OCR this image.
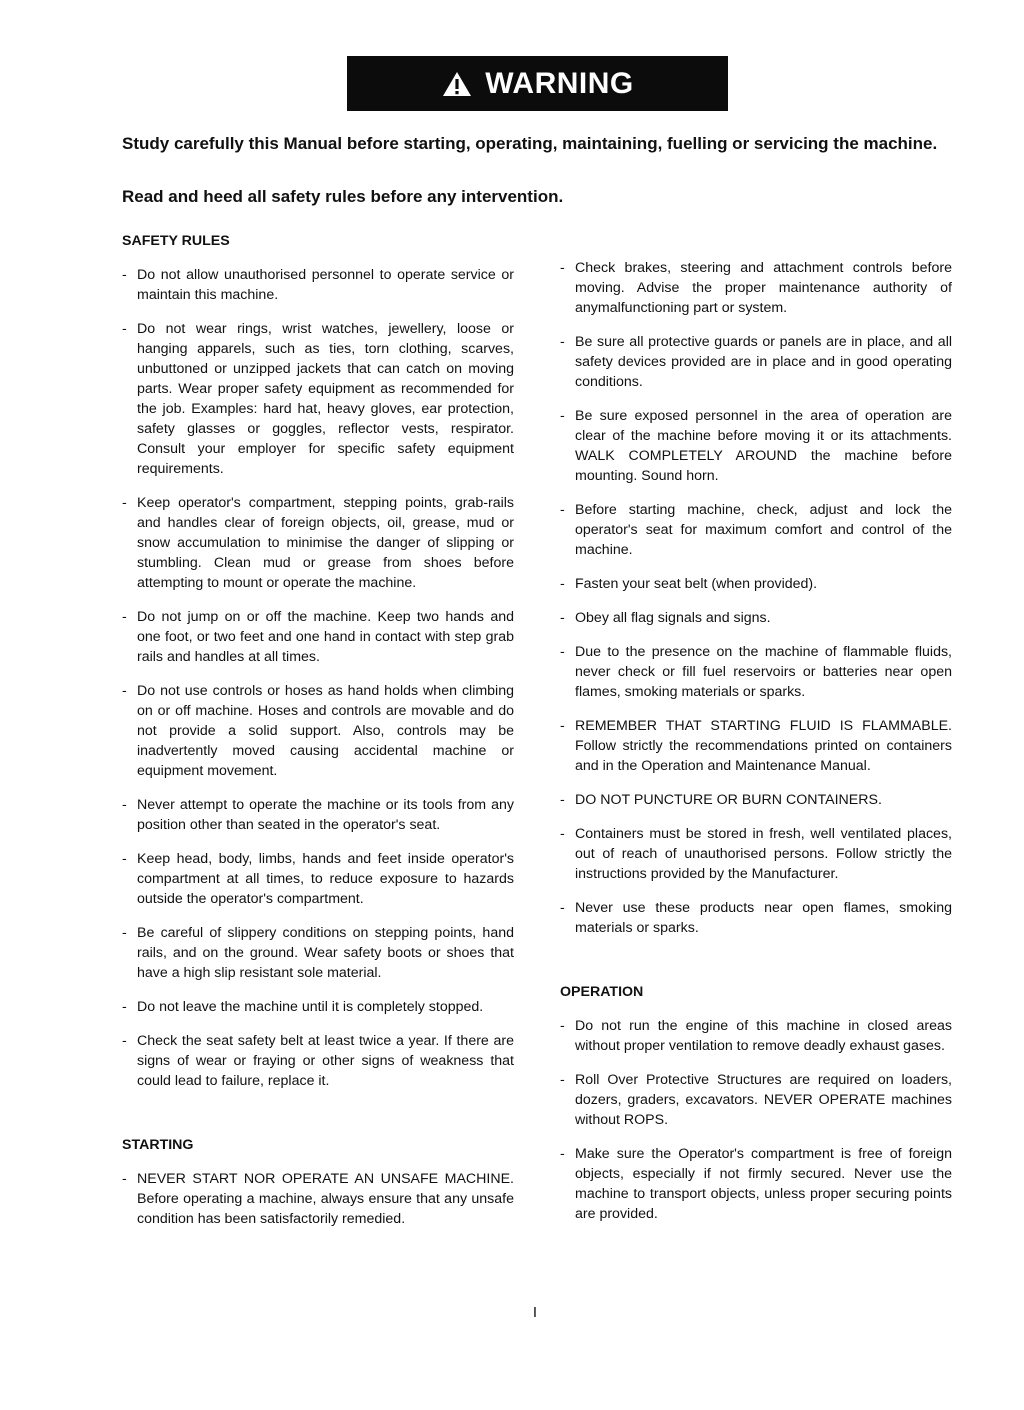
WARNING
Study carefully this Manual before starting, operating, maintaining, fuelling or servicing the machine.
Read and heed all safety rules before any intervention.
SAFETY RULES
- Do not allow unauthorised personnel to operate service or maintain this machine.
- Do not wear rings, wrist watches, jewellery, loose or hanging apparels, such as ties, torn clothing, scarves, unbuttoned or unzipped jackets that can catch on moving parts. Wear proper safety equipment as recommended for the job. Examples: hard hat, heavy gloves, ear protection, safety glasses or goggles, reflector vests, respirator. Consult your employer for specific safety equipment requirements.
- Keep operator's compartment, stepping points, grab-rails and handles clear of foreign objects, oil, grease, mud or snow accumulation to minimise the danger of slipping or stumbling. Clean mud or grease from shoes before attempting to mount or operate the machine.
- Do not jump on or off the machine. Keep two hands and one foot, or two feet and one hand in contact with step grab rails and handles at all times.
- Do not use controls or hoses as hand holds when climbing on or off machine. Hoses and controls are movable and do not provide a solid support. Also, controls may be inadvertently moved causing accidental machine or equipment movement.
- Never attempt to operate the machine or its tools from any position other than seated in the operator's seat.
- Keep head, body, limbs, hands and feet inside operator's compartment at all times, to reduce exposure to hazards outside the operator's compartment.
- Be careful of slippery conditions on stepping points, hand rails, and on the ground. Wear safety boots or shoes that have a high slip resistant sole material.
- Do not leave the machine until it is completely stopped.
- Check the seat safety belt at least twice a year. If there are signs of wear or fraying or other signs of weakness that could lead to failure, replace it.
STARTING
- NEVER START NOR OPERATE AN UNSAFE MACHINE. Before operating a machine, always ensure that any unsafe condition has been satisfactorily remedied.
- Check brakes, steering and attachment controls before moving. Advise the proper maintenance authority of anymalfunctioning part or system.
- Be sure all protective guards or panels are in place, and all safety devices provided are in place and in good operating conditions.
- Be sure exposed personnel in the area of operation are clear of the machine before moving it or its attachments. WALK COMPLETELY AROUND the machine before mounting. Sound horn.
- Before starting machine, check, adjust and lock the operator's seat for maximum comfort and control of the machine.
- Fasten your seat belt (when provided).
- Obey all flag signals and signs.
- Due to the presence on the machine of flammable fluids, never check or fill fuel reservoirs or batteries near open flames, smoking materials or sparks.
- REMEMBER THAT STARTING FLUID IS FLAMMABLE. Follow strictly the recommendations printed on containers and in the Operation and Maintenance Manual.
- DO NOT PUNCTURE OR BURN CONTAINERS.
- Containers must be stored in fresh, well ventilated places, out of reach of unauthorised persons. Follow strictly the instructions provided by the Manufacturer.
- Never use these products near open flames, smoking materials or sparks.
OPERATION
- Do not run the engine of this machine in closed areas without proper ventilation to remove deadly exhaust gases.
- Roll Over Protective Structures are required on loaders, dozers, graders, excavators. NEVER OPERATE machines without ROPS.
- Make sure the Operator's compartment is free of foreign objects, especially if not firmly secured. Never use the machine to transport objects, unless proper securing points are provided.
I
